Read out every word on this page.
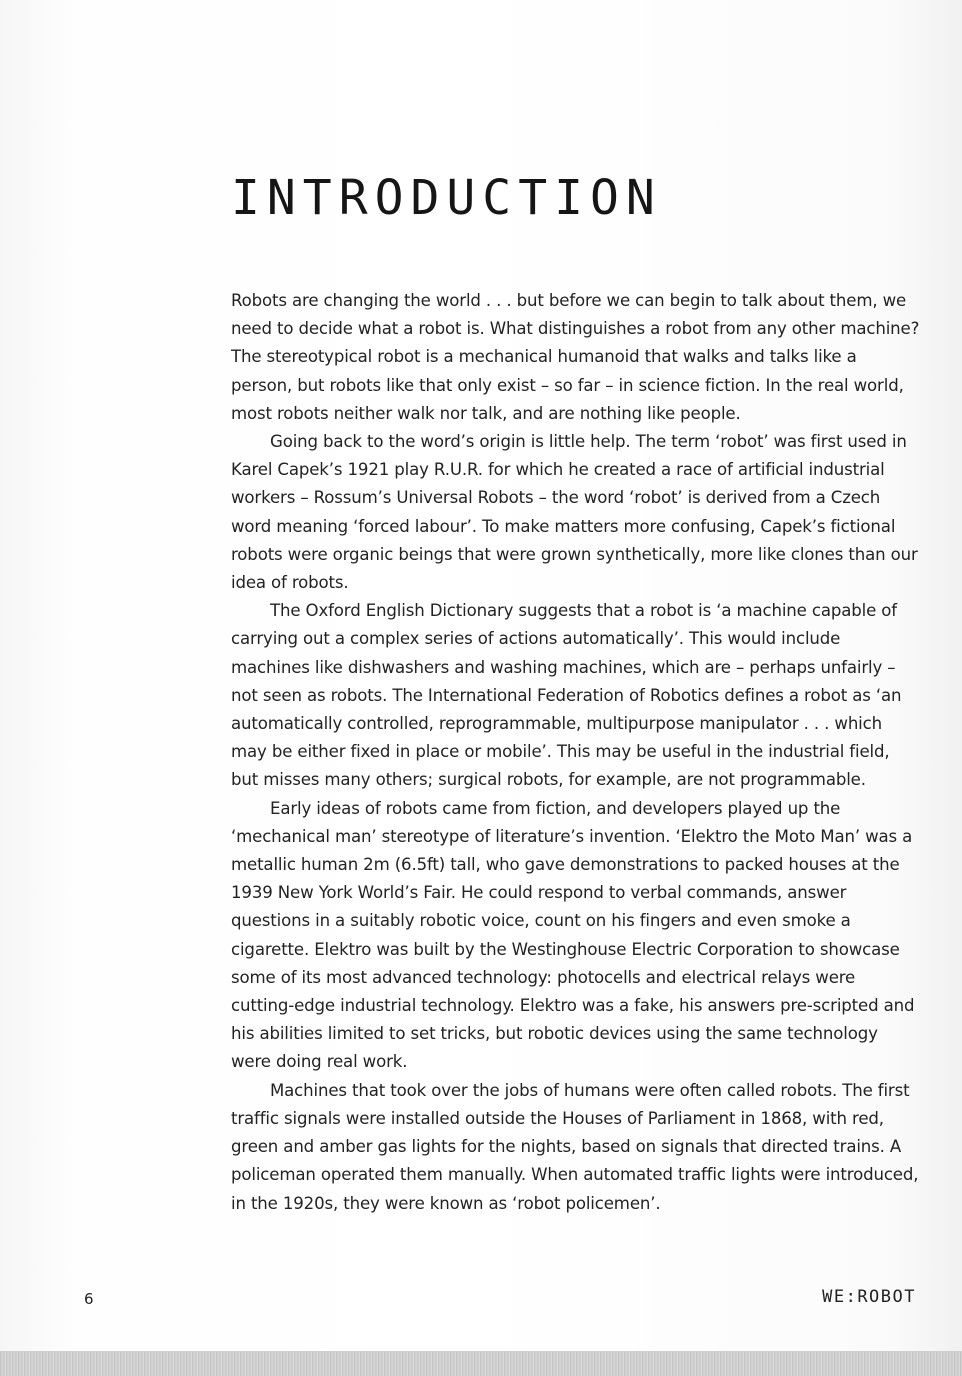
INTRODUCTION

Robots are changing the world . . . but before we can begin to talk about them, we need to decide what a robot is. What distinguishes a robot from any other machine? The stereotypical robot is a mechanical humanoid that walks and talks like a person, but robots like that only exist – so far – in science fiction. In the real world, most robots neither walk nor talk, and are nothing like people.

Going back to the word’s origin is little help. The term ‘robot’ was first used in Karel Capek’s 1921 play R.U.R. for which he created a race of artificial industrial workers – Rossum’s Universal Robots – the word ‘robot’ is derived from a Czech word meaning ‘forced labour’. To make matters more confusing, Capek’s fictional robots were organic beings that were grown synthetically, more like clones than our idea of robots.

The Oxford English Dictionary suggests that a robot is ‘a machine capable of carrying out a complex series of actions automatically’. This would include machines like dishwashers and washing machines, which are – perhaps unfairly – not seen as robots. The International Federation of Robotics defines a robot as ‘an automatically controlled, reprogrammable, multipurpose manipulator . . . which may be either fixed in place or mobile’. This may be useful in the industrial field, but misses many others; surgical robots, for example, are not programmable.

Early ideas of robots came from fiction, and developers played up the ‘mechanical man’ stereotype of literature’s invention. ‘Elektro the Moto Man’ was a metallic human 2m (6.5ft) tall, who gave demonstrations to packed houses at the 1939 New York World’s Fair. He could respond to verbal commands, answer questions in a suitably robotic voice, count on his fingers and even smoke a cigarette. Elektro was built by the Westinghouse Electric Corporation to showcase some of its most advanced technology: photocells and electrical relays were cutting-edge industrial technology. Elektro was a fake, his answers pre-scripted and his abilities limited to set tricks, but robotic devices using the same technology were doing real work.

Machines that took over the jobs of humans were often called robots. The first traffic signals were installed outside the Houses of Parliament in 1868, with red, green and amber gas lights for the nights, based on signals that directed trains. A policeman operated them manually. When automated traffic lights were introduced, in the 1920s, they were known as ‘robot policemen’.

6	WE:ROBOT
